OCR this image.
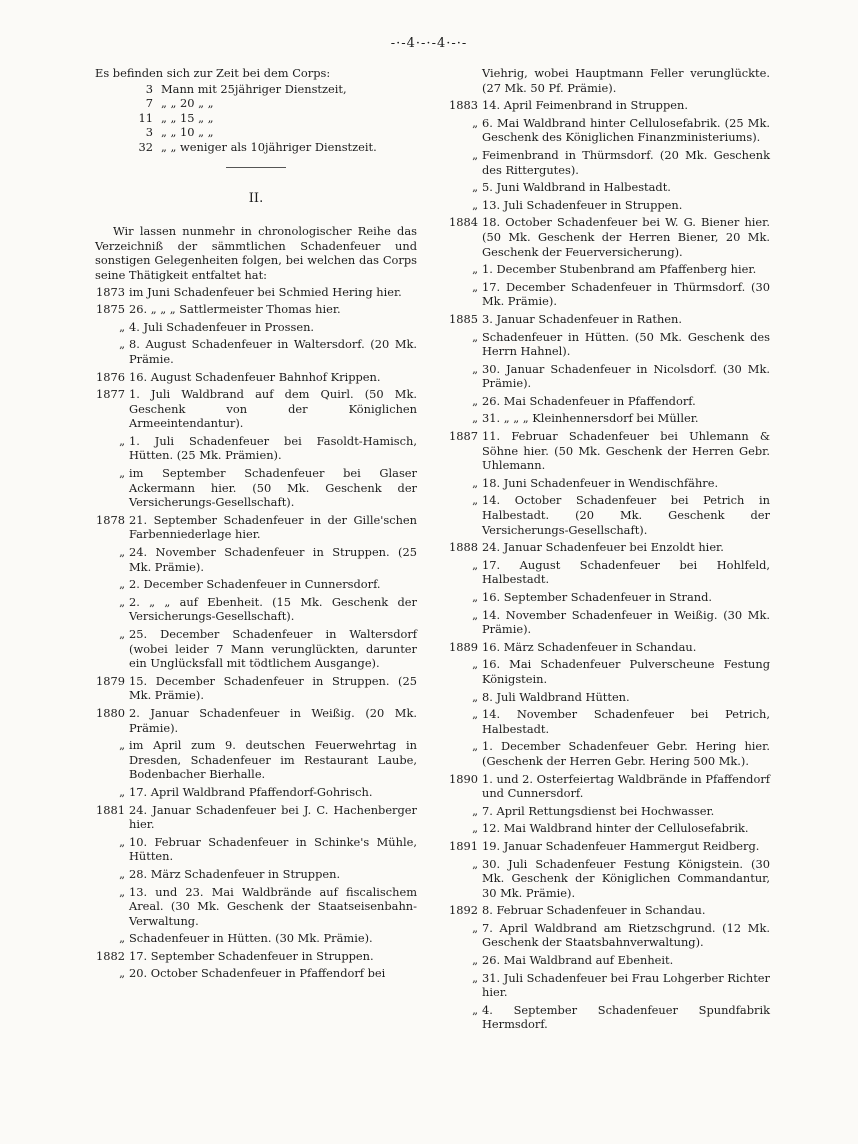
-·-4·-·-4·-·-

Es befinden sich zur Zeit bei dem Corps:

3 Mann mit 25jähriger Dienstzeit,
7 „ „ 20 „ „
11 „ „ 15 „ „
3 „ „ 10 „ „
32 „ „ weniger als 10jähriger Dienstzeit.
II.

Wir lassen nunmehr in chronologischer Reihe das Verzeichniß der sämmtlichen Schadenfeuer und sonstigen Gelegenheiten folgen, bei welchen das Corps seine Thätigkeit entfaltet hat:

1873 im Juni Schadenfeuer bei Schmied Hering hier.
1875 26. „ „ „ Sattlermeister Thomas hier.
„ 4. Juli Schadenfeuer in Prossen.
„ 8. August Schadenfeuer in Waltersdorf. (20 Mk. Prämie.
1876 16. August Schadenfeuer Bahnhof Krippen.
1877 1. Juli Waldbrand auf dem Quirl. (50 Mk. Geschenk von der Königlichen Armeeintendantur).
„ 1. Juli Schadenfeuer bei Fasoldt-Hamisch, Hütten. (25 Mk. Prämien).
„ im September Schadenfeuer bei Glaser Ackermann hier. (50 Mk. Geschenk der Versicherungs-Gesellschaft).
1878 21. September Schadenfeuer in der Gille'schen Farbenniederlage hier.
„ 24. November Schadenfeuer in Struppen. (25 Mk. Prämie).
„ 2. December Schadenfeuer in Cunnersdorf.
„ 2. „ „ auf Ebenheit. (15 Mk. Geschenk der Versicherungs-Gesellschaft).
„ 25. December Schadenfeuer in Waltersdorf (wobei leider 7 Mann verunglückten, darunter ein Unglücksfall mit tödtlichem Ausgange).
1879 15. December Schadenfeuer in Struppen. (25 Mk. Prämie).
1880 2. Januar Schadenfeuer in Weißig. (20 Mk. Prämie).
„ im April zum 9. deutschen Feuerwehrtag in Dresden, Schadenfeuer im Restaurant Laube, Bodenbacher Bierhalle.
„ 17. April Waldbrand Pfaffendorf-Gohrisch.
1881 24. Januar Schadenfeuer bei J. C. Hachenberger hier.
„ 10. Februar Schadenfeuer in Schinke's Mühle, Hütten.
„ 28. März Schadenfeuer in Struppen.
„ 13. und 23. Mai Waldbrände auf fiscalischem Areal. (30 Mk. Geschenk der Staatseisenbahn-Verwaltung.
„ Schadenfeuer in Hütten. (30 Mk. Prämie).
1882 17. September Schadenfeuer in Struppen.
„ 20. October Schadenfeuer in Pfaffendorf bei
Viehrig, wobei Hauptmann Feller verunglückte. (27 Mk. 50 Pf. Prämie).
1883 14. April Feimenbrand in Struppen.
„ 6. Mai Waldbrand hinter Cellulosefabrik. (25 Mk. Geschenk des Königlichen Finanzministeriums).
„ Feimenbrand in Thürmsdorf. (20 Mk. Geschenk des Rittergutes).
„ 5. Juni Waldbrand in Halbestadt.
„ 13. Juli Schadenfeuer in Struppen.
1884 18. October Schadenfeuer bei W. G. Biener hier. (50 Mk. Geschenk der Herren Biener, 20 Mk. Geschenk der Feuerversicherung).
„ 1. December Stubenbrand am Pfaffenberg hier.
„ 17. December Schadenfeuer in Thürmsdorf. (30 Mk. Prämie).
1885 3. Januar Schadenfeuer in Rathen.
„ Schadenfeuer in Hütten. (50 Mk. Geschenk des Herrn Hahnel).
„ 30. Januar Schadenfeuer in Nicolsdorf. (30 Mk. Prämie).
„ 26. Mai Schadenfeuer in Pfaffendorf.
„ 31. „ „ „ Kleinhennersdorf bei Müller.
1887 11. Februar Schadenfeuer bei Uhlemann & Söhne hier. (50 Mk. Geschenk der Herren Gebr. Uhlemann.
„ 18. Juni Schadenfeuer in Wendischfähre.
„ 14. October Schadenfeuer bei Petrich in Halbestadt. (20 Mk. Geschenk der Versicherungs-Gesellschaft).
1888 24. Januar Schadenfeuer bei Enzoldt hier.
„ 17. August Schadenfeuer bei Hohlfeld, Halbestadt.
„ 16. September Schadenfeuer in Strand.
„ 14. November Schadenfeuer in Weißig. (30 Mk. Prämie).
1889 16. März Schadenfeuer in Schandau.
„ 16. Mai Schadenfeuer Pulverscheune Festung Königstein.
„ 8. Juli Waldbrand Hütten.
„ 14. November Schadenfeuer bei Petrich, Halbestadt.
„ 1. December Schadenfeuer Gebr. Hering hier. (Geschenk der Herren Gebr. Hering 500 Mk.).
1890 1. und 2. Osterfeiertag Waldbrände in Pfaffendorf und Cunnersdorf.
„ 7. April Rettungsdienst bei Hochwasser.
„ 12. Mai Waldbrand hinter der Cellulosefabrik.
1891 19. Januar Schadenfeuer Hammergut Reidberg.
„ 30. Juli Schadenfeuer Festung Königstein. (30 Mk. Geschenk der Königlichen Commandantur, 30 Mk. Prämie).
1892 8. Februar Schadenfeuer in Schandau.
„ 7. April Waldbrand am Rietzschgrund. (12 Mk. Geschenk der Staatsbahnverwaltung).
„ 26. Mai Waldbrand auf Ebenheit.
„ 31. Juli Schadenfeuer bei Frau Lohgerber Richter hier.
„ 4. September Schadenfeuer Spundfabrik Hermsdorf.
